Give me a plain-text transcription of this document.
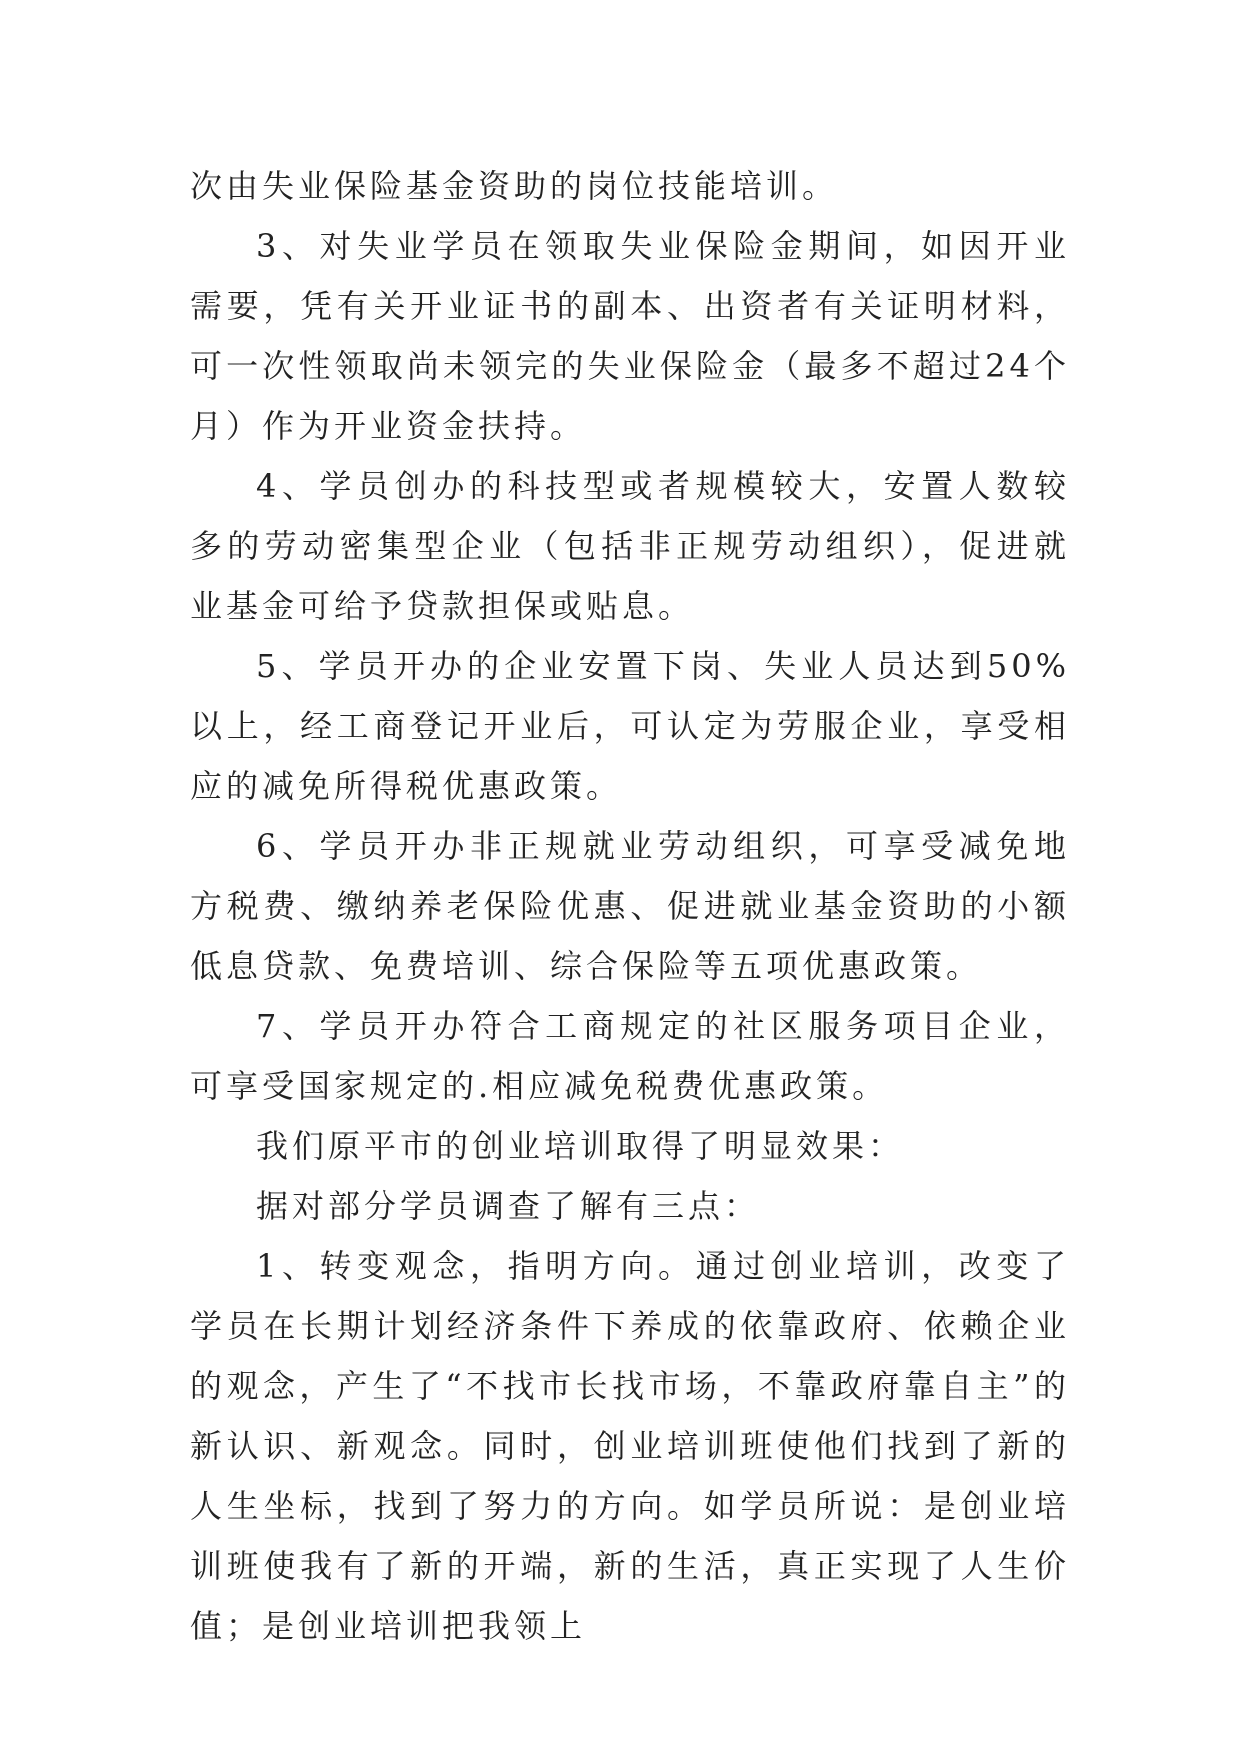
次由失业保险基金资助的岗位技能培训。

3、对失业学员在领取失业保险金期间，如因开业需要，凭有关开业证书的副本、出资者有关证明材料，可一次性领取尚未领完的失业保险金（最多不超过24个月）作为开业资金扶持。

4、学员创办的科技型或者规模较大，安置人数较多的劳动密集型企业（包括非正规劳动组织），促进就业基金可给予贷款担保或贴息。

5、学员开办的企业安置下岗、失业人员达到50%以上，经工商登记开业后，可认定为劳服企业，享受相应的减免所得税优惠政策。

6、学员开办非正规就业劳动组织，可享受减免地方税费、缴纳养老保险优惠、促进就业基金资助的小额低息贷款、免费培训、综合保险等五项优惠政策。

7、学员开办符合工商规定的社区服务项目企业，可享受国家规定的.相应减免税费优惠政策。

我们原平市的创业培训取得了明显效果：

据对部分学员调查了解有三点：

1、转变观念，指明方向。通过创业培训，改变了学员在长期计划经济条件下养成的依靠政府、依赖企业的观念，产生了“不找市长找市场，不靠政府靠自主”的新认识、新观念。同时，创业培训班使他们找到了新的人生坐标，找到了努力的方向。如学员所说：是创业培训班使我有了新的开端，新的生活，真正实现了人生价值；是创业培训把我领上
